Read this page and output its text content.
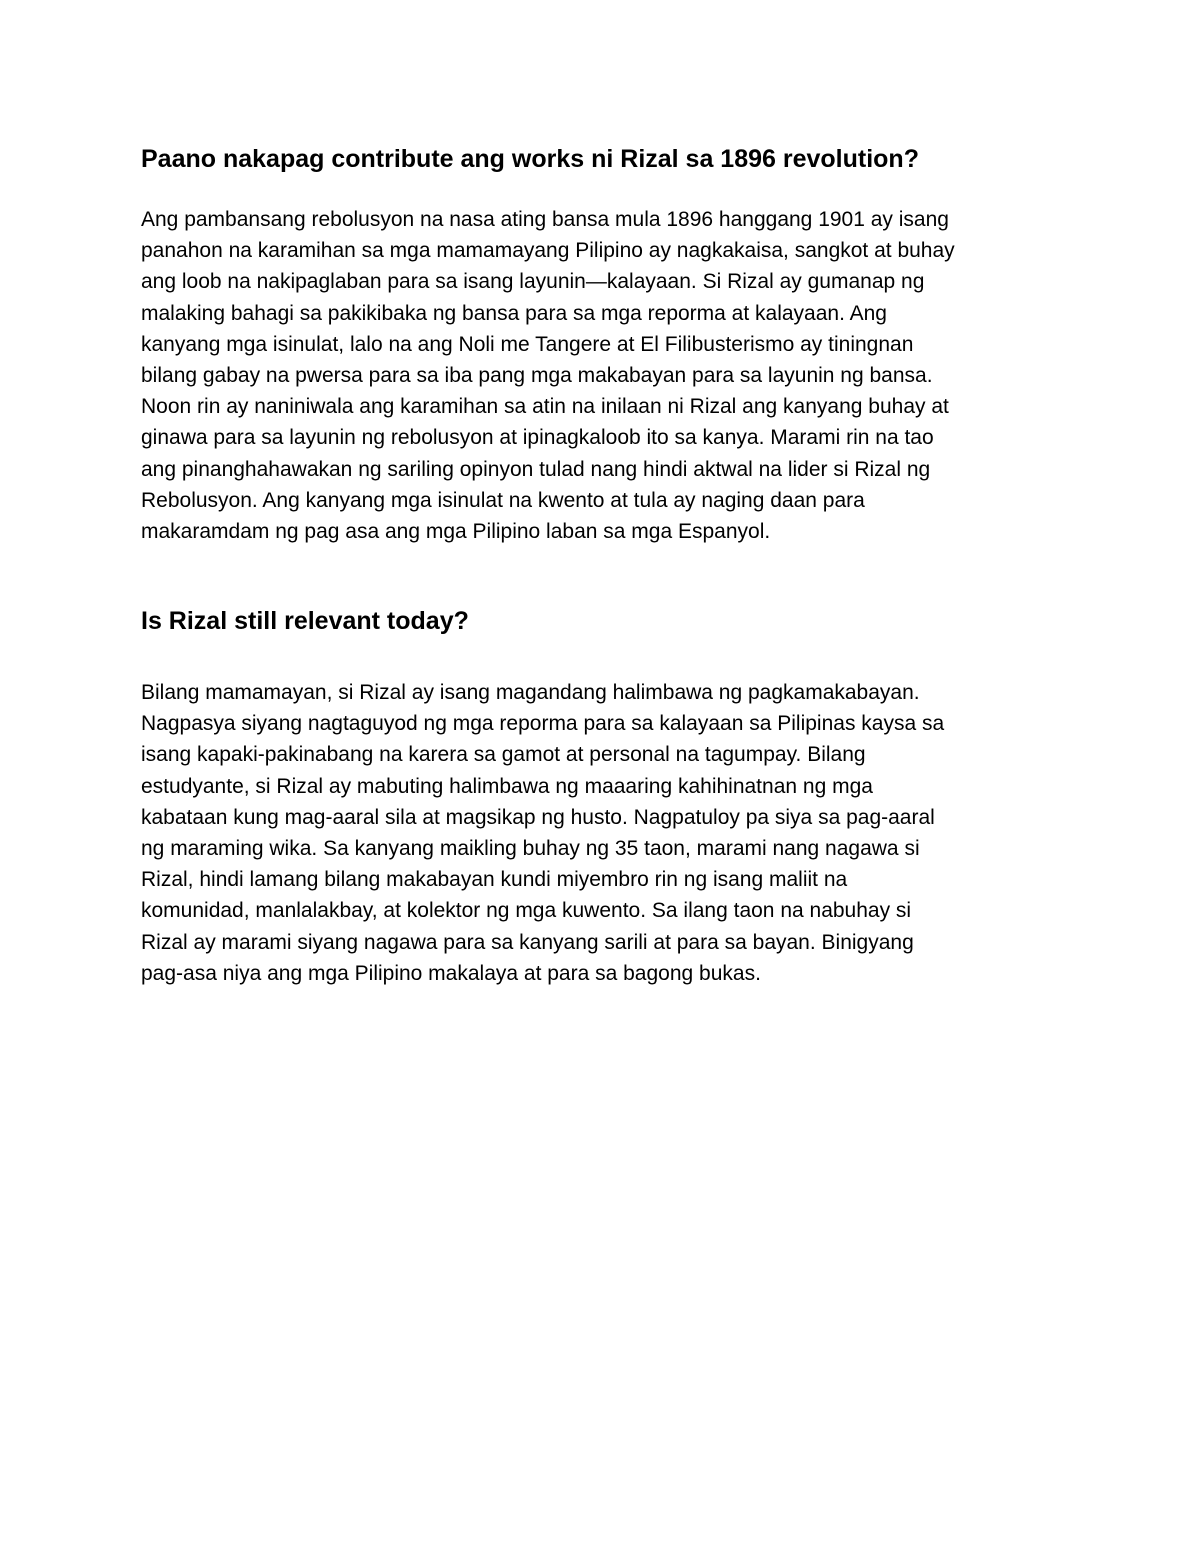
Paano nakapag contribute ang works ni Rizal sa 1896 revolution?

Ang pambansang rebolusyon na nasa ating bansa mula 1896 hanggang 1901 ay isang
panahon na karamihan sa mga mamamayang Pilipino ay nagkakaisa, sangkot at buhay
ang loob na nakipaglaban para sa isang layunin—kalayaan. Si Rizal ay gumanap ng
malaking bahagi sa pakikibaka ng bansa para sa mga reporma at kalayaan. Ang
kanyang mga isinulat, lalo na ang Noli me Tangere at El Filibusterismo ay tiningnan
bilang gabay na pwersa para sa iba pang mga makabayan para sa layunin ng bansa.
Noon rin ay naniniwala ang karamihan sa atin na inilaan ni Rizal ang kanyang buhay at
ginawa para sa layunin ng rebolusyon at ipinagkaloob ito sa kanya. Marami rin na tao
ang pinanghahawakan ng sariling opinyon tulad nang hindi aktwal na lider si Rizal ng
Rebolusyon. Ang kanyang mga isinulat na kwento at tula ay naging daan para
makaramdam ng pag asa ang mga Pilipino laban sa mga Espanyol.

Is Rizal still relevant today?

Bilang mamamayan, si Rizal ay isang magandang halimbawa ng pagkamakabayan.
Nagpasya siyang nagtaguyod ng mga reporma para sa kalayaan sa Pilipinas kaysa sa
isang kapaki-pakinabang na karera sa gamot at personal na tagumpay. Bilang
estudyante, si Rizal ay mabuting halimbawa ng maaaring kahihinatnan ng mga
kabataan kung mag-aaral sila at magsikap ng husto. Nagpatuloy pa siya sa pag-aaral
ng maraming wika. Sa kanyang maikling buhay ng 35 taon, marami nang nagawa si
Rizal, hindi lamang bilang makabayan kundi miyembro rin ng isang maliit na
komunidad, manlalakbay, at kolektor ng mga kuwento. Sa ilang taon na nabuhay si
Rizal ay marami siyang nagawa para sa kanyang sarili at para sa bayan. Binigyang
pag-asa niya ang mga Pilipino makalaya at para sa bagong bukas.
